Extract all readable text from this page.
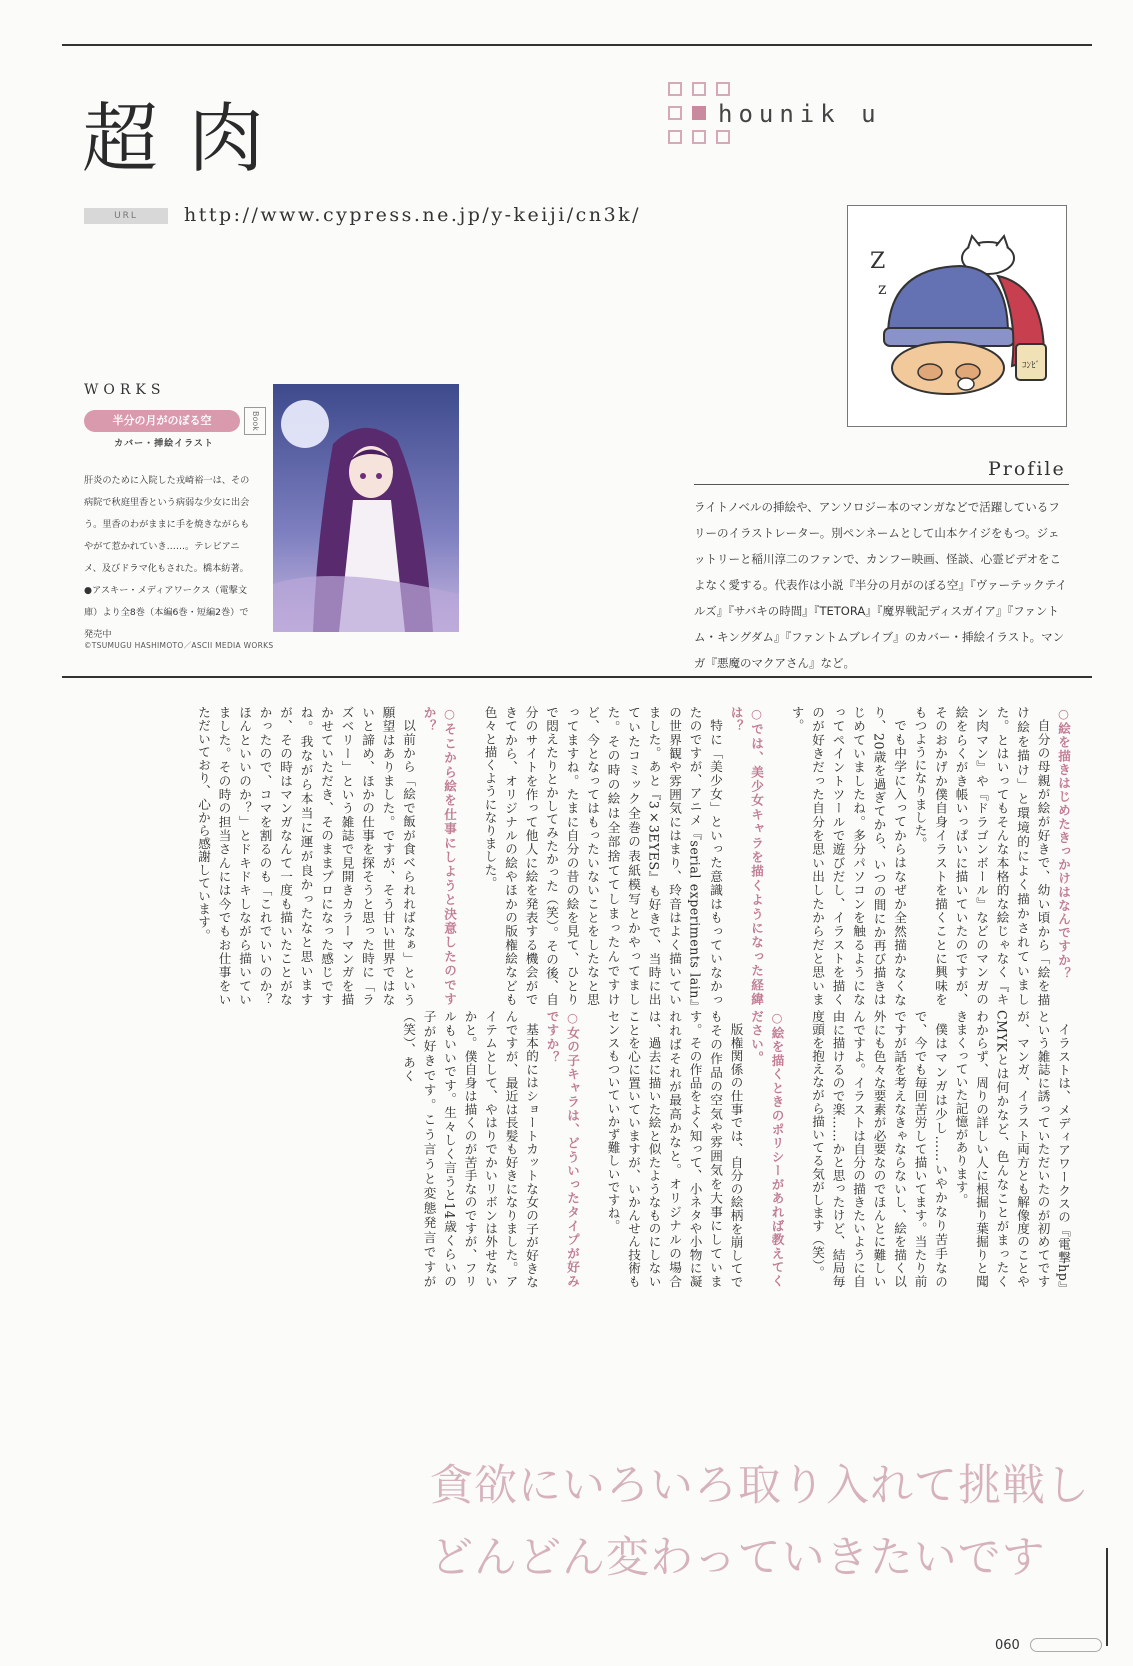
超肉	hounik u
URL	http://www.cypress.ne.jp/y-keiji/cn3k/
Z
z
ｺﾝﾋﾞ
Profile
ライトノベルの挿絵や、アンソロジー本のマンガなどで活躍しているフリーのイラストレーター。別ペンネームとして山本ケイジをもつ。ジェットリーと稲川淳二のファンで、カンフー映画、怪談、心霊ビデオをこよなく愛する。代表作は小説『半分の月がのぼる空』『ヴァーテックテイルズ』『サバキの時間』『TETORA』『魔界戦記ディスガイア』『ファントム・キングダム』『ファントムブレイブ』のカバー・挿絵イラスト。マンガ『悪魔のマクアさん』など。
WORKS
半分の月がのぼる空	Book
カバー・挿絵イラスト
肝炎のために入院した戎崎裕一は、その病院で秋庭里香という病弱な少女に出会う。里香のわがままに手を焼きながらもやがて惹かれていき……。テレビアニメ、及びドラマ化もされた。橋本紡著。
●アスキー・メディアワークス（電撃文庫）より全8巻（本編6巻・短編2巻）で発売中
©TSUMUGU HASHIMOTO／ASCII MEDIA WORKS
○絵を描きはじめたきっかけはなんですか？

自分の母親が絵が好きで、幼い頃から「絵を描け絵を描け」と環境的によく描かされていました。とはいってもそんな本格的な絵じゃなく『キン肉マン』や『ドラゴンボール』などのマンガの絵をらくがき帳いっぱいに描いていたのですが、そのおかげか僕自身イラストを描くことに興味をもつようになりました。

でも中学に入ってからはなぜか全然描かなくなり、20歳を過ぎてから、いつの間にか再び描きはじめていましたね。多分パソコンを触るようになってペイントツールで遊びだし、イラストを描くのが好きだった自分を思い出したからだと思います。

○では、美少女キャラを描くようになった経緯は？

特に「美少女」といった意識はもっていなかったのですが、アニメ『serial experiments lain』の世界観や雰囲気にはまり、玲音はよく描いていました。あと『3×3EYES』も好きで、当時に出ていたコミック全巻の表紙模写とかやってました。その時の絵は全部捨ててしまったんですけど、今となってはもったいないことをしたなと思ってますね。たまに自分の昔の絵を見て、ひとりで悶えたりとかしてみたかった（笑）。その後、自分のサイトを作って他人に絵を発表する機会ができてから、オリジナルの絵やほかの版権絵なども色々と描くようになりました。

○そこから絵を仕事にしようと決意したのですか？

以前から「絵で飯が食べられればなぁ」という願望はありました。ですが、そう甘い世界ではないと諦め、ほかの仕事を探そうと思った時に「ラズベリー」という雑誌で見開きカラーマンガを描かせていただき、そのままプロになった感じですね。我ながら本当に運が良かったなと思いますが、その時はマンガなんて一度も描いたことがなかったので、コマを割るのも「これでいいのか？ほんといいのか？」とドキドキしながら描いていました。その時の担当さんには今でもお仕事をいただいており、心から感謝しています。

イラストは、メディアワークスの『電撃hp』という雑誌に誘っていただいたのが初めてですが、マンガ、イラスト両方とも解像度のことやCMYKとは何かなど、色んなことがまったくわからず、周りの詳しい人に根掘り葉掘りと聞きまくっていた記憶があります。

僕はマンガは少し……いやかなり苦手なので、今でも毎回苦労して描いてます。当たり前ですが話を考えなきゃならないし、絵を描く以外にも色々な要素が必要なのでほんとに難しいんですよ。イラストは自分の描きたいように自由に描けるので楽……かと思ったけど、結局毎度頭を抱えながら描いてる気がします（笑）。

○絵を描くときのポリシーがあれば教えてください。

版権関係の仕事では、自分の絵柄を崩してでもその作品の空気や雰囲気を大事にしています。その作品をよく知って、小ネタや小物に凝れればそれが最高かなと。オリジナルの場合は、過去に描いた絵と似たようなものにしないことを心に置いていますが、いかんせん技術もセンスもついていかず難しいですね。

○女の子キャラは、どういったタイプが好みですか？

基本的にはショートカットな女の子が好きなんですが、最近は長髪も好きになりました。アイテムとして、やはりでかいリボンは外せないかと。僕自身は描くのが苦手なのですが、フリルもいいです。生々しく言うと14歳くらいの子が好きです。こう言うと変態発言ですが（笑）、あく

貪欲にいろいろ取り入れて挑戦し
どんどん変わっていきたいです
060
